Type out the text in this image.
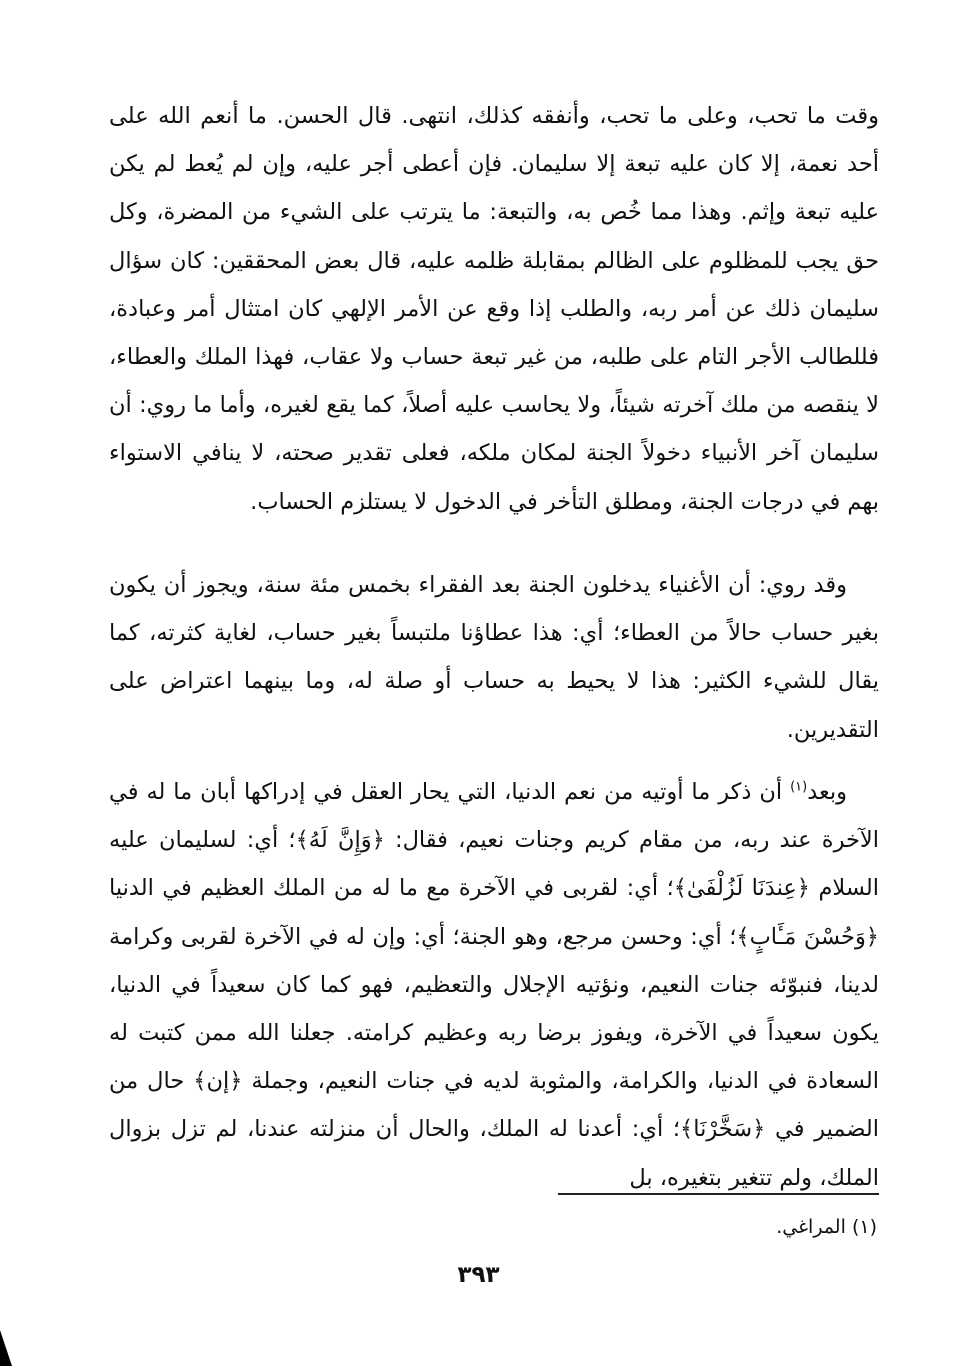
وقت ما تحب، وعلى ما تحب، وأنفقه كذلك، انتهى. قال الحسن. ما أنعم الله على أحد نعمة، إلا كان عليه تبعة إلا سليمان. فإن أعطى أجر عليه، وإن لم يُعط لم يكن عليه تبعة وإثم. وهذا مما خُص به، والتبعة: ما يترتب على الشيء من المضرة، وكل حق يجب للمظلوم على الظالم بمقابلة ظلمه عليه، قال بعض المحققين: كان سؤال سليمان ذلك عن أمر ربه، والطلب إذا وقع عن الأمر الإلهي كان امتثال أمر وعبادة، فللطالب الأجر التام على طلبه، من غير تبعة حساب ولا عقاب، فهذا الملك والعطاء، لا ينقصه من ملك آخرته شيئاً، ولا يحاسب عليه أصلاً، كما يقع لغيره، وأما ما روي: أن سليمان آخر الأنبياء دخولاً الجنة لمكان ملكه، فعلى تقدير صحته، لا ينافي الاستواء بهم في درجات الجنة، ومطلق التأخر في الدخول لا يستلزم الحساب.

وقد روي: أن الأغنياء يدخلون الجنة بعد الفقراء بخمس مئة سنة، ويجوز أن يكون بغير حساب حالاً من العطاء؛ أي: هذا عطاؤنا ملتبساً بغير حساب، لغاية كثرته، كما يقال للشيء الكثير: هذا لا يحيط به حساب أو صلة له، وما بينهما اعتراض على التقديرين.

وبعد$^{(١)}$ أن ذكر ما أوتيه من نعم الدنيا، التي يحار العقل في إدراكها أبان ما له في الآخرة عند ربه، من مقام كريم وجنات نعيم، فقال: ﴿وَإِنَّ لَهُ﴾؛ أي: لسليمان عليه السلام ﴿عِندَنَا لَزُلْفَىٰ﴾؛ أي: لقربى في الآخرة مع ما له من الملك العظيم في الدنيا ﴿وَحُسْنَ مَـَٔابٍ﴾؛ أي: وحسن مرجع، وهو الجنة؛ أي: وإن له في الآخرة لقربى وكرامة لدينا، فنبوّئه جنات النعيم، ونؤتيه الإجلال والتعظيم، فهو كما كان سعيداً في الدنيا، يكون سعيداً في الآخرة، ويفوز برضا ربه وعظيم كرامته. جعلنا الله ممن كتبت له السعادة في الدنيا، والكرامة، والمثوبة لديه في جنات النعيم، وجملة ﴿إن﴾ حال من الضمير في ﴿سَخَّرْنَا﴾؛ أي: أعدنا له الملك، والحال أن منزلته عندنا، لم تزل بزوال الملك، ولم تتغير بتغيره، بل

(١) المراغي.
٣٩٣
